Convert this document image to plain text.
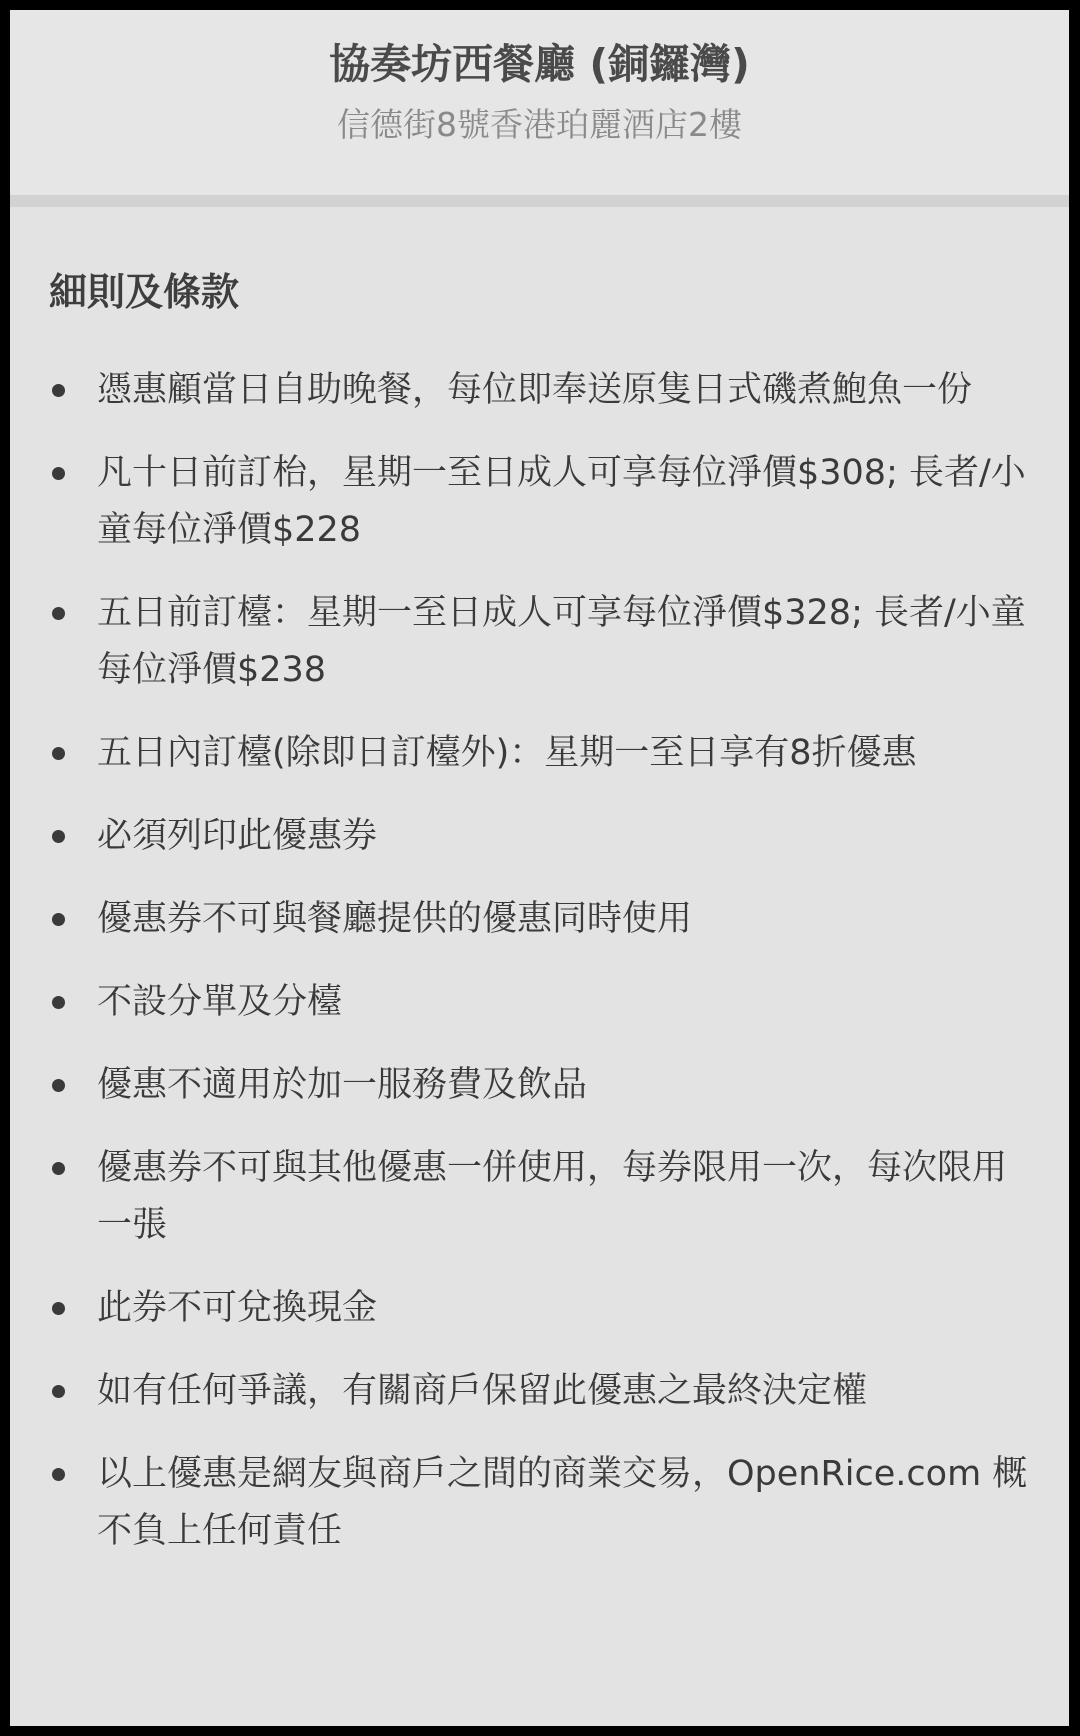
協奏坊西餐廳 (銅鑼灣)
信德街8號香港珀麗酒店2樓
細則及條款
憑惠顧當日自助晚餐，每位即奉送原隻日式磯煮鮑魚一份
凡十日前訂枱，星期一至日成人可享每位淨價$308; 長者/小童每位淨價$228
五日前訂檯：星期一至日成人可享每位淨價$328; 長者/小童每位淨價$238
五日內訂檯(除即日訂檯外)：星期一至日享有8折優惠
必須列印此優惠券
優惠券不可與餐廳提供的優惠同時使用
不設分單及分檯
優惠不適用於加一服務費及飲品
優惠券不可與其他優惠一併使用，每券限用一次，每次限用一張
此券不可兌換現金
如有任何爭議，有關商戶保留此優惠之最終決定權
以上優惠是網友與商戶之間的商業交易，OpenRice.com 概不負上任何責任
